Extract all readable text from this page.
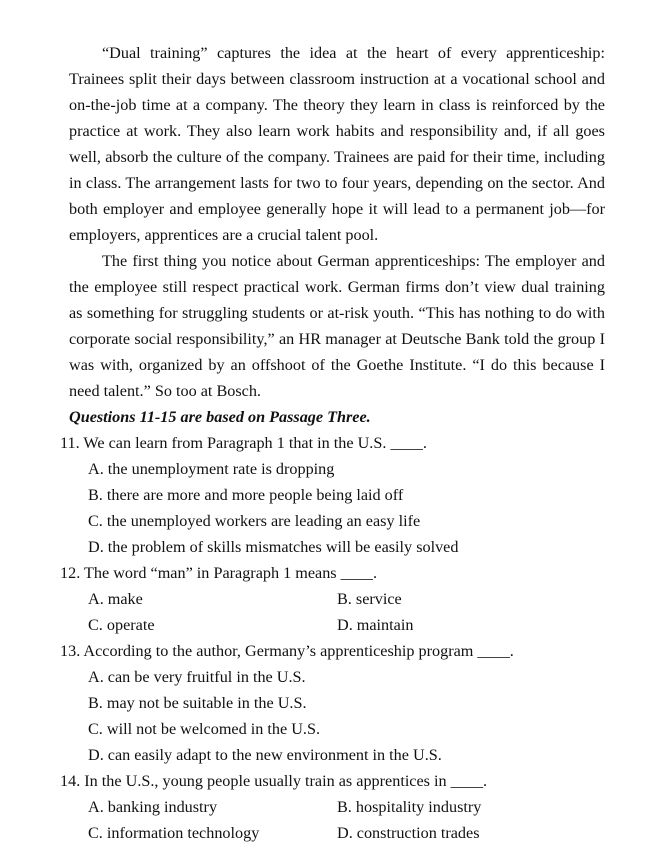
“Dual training” captures the idea at the heart of every apprenticeship:
Trainees split their days between classroom instruction at a vocational school and
on-the-job time at a company. The theory they learn in class is reinforced by the
practice at work. They also learn work habits and responsibility and, if all goes
well, absorb the culture of the company. Trainees are paid for their time, including
in class. The arrangement lasts for two to four years, depending on the sector. And
both employer and employee generally hope it will lead to a permanent job—for
employers, apprentices are a crucial talent pool.
The first thing you notice about German apprenticeships: The employer and
the employee still respect practical work. German firms don’t view dual training
as something for struggling students or at-risk youth. “This has nothing to do with
corporate social responsibility,” an HR manager at Deutsche Bank told the group I
was with, organized by an offshoot of the Goethe Institute. “I do this because I
need talent.” So too at Bosch.
Questions 11-15 are based on Passage Three.
11. We can learn from Paragraph 1 that in the U.S. ____.
A. the unemployment rate is dropping
B. there are more and more people being laid off
C. the unemployed workers are leading an easy life
D. the problem of skills mismatches will be easily solved
12. The word “man” in Paragraph 1 means ____.
A. make	B. service
C. operate	D. maintain
13. According to the author, Germany’s apprenticeship program ____.
A. can be very fruitful in the U.S.
B. may not be suitable in the U.S.
C. will not be welcomed in the U.S.
D. can easily adapt to the new environment in the U.S.
14. In the U.S., young people usually train as apprentices in ____.
A. banking industry	B. hospitality industry
C. information technology	D. construction trades
